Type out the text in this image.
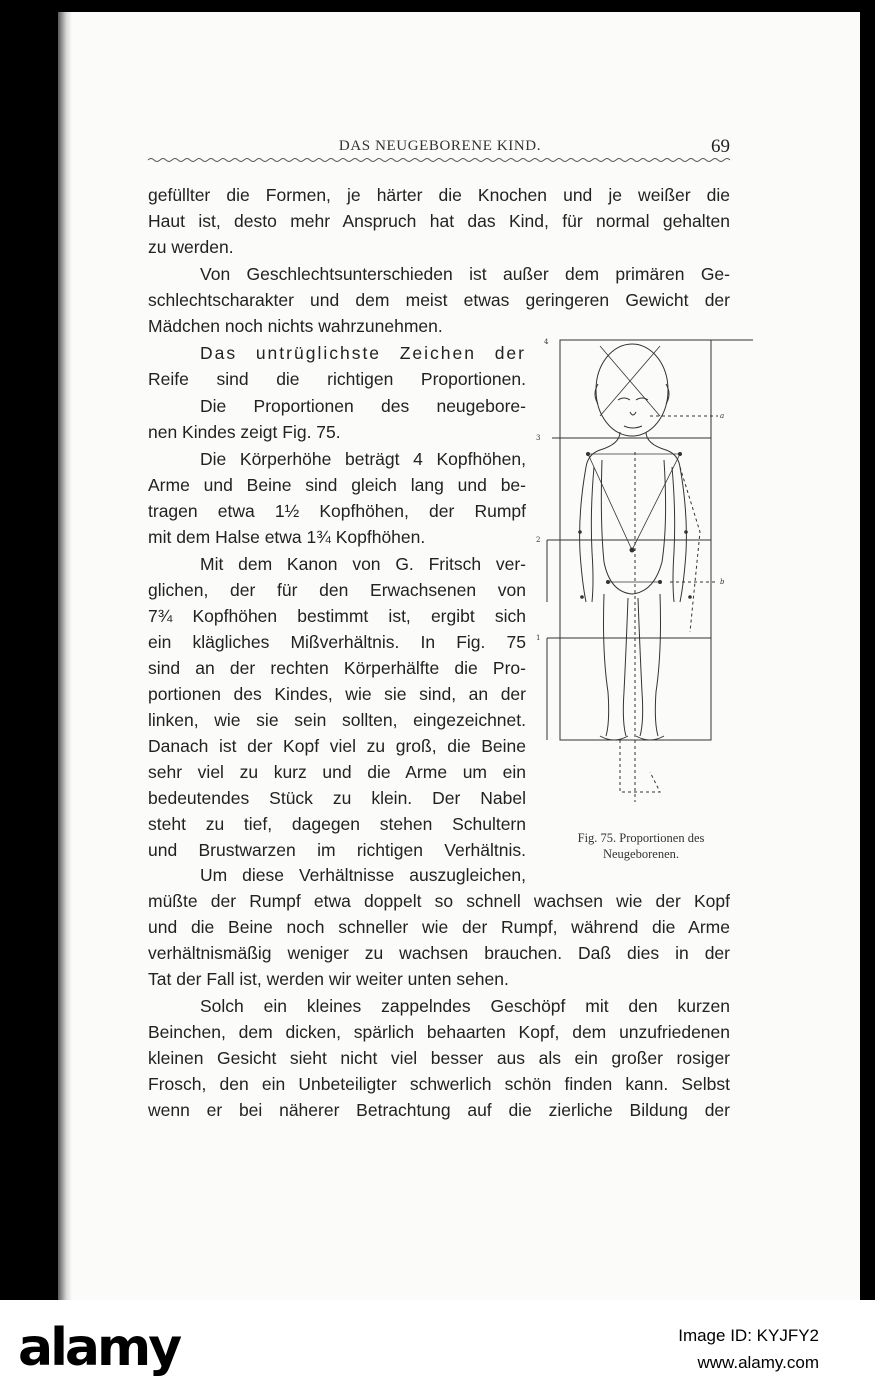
DAS NEUGEBORENE KIND.	69
gefüllter die Formen, je härter die Knochen und je weißer die
Haut ist, desto mehr Anspruch hat das Kind, für normal gehalten
zu werden.
Von Geschlechtsunterschieden ist außer dem primären Ge-
schlechtscharakter und dem meist etwas geringeren Gewicht der
Mädchen noch nichts wahrzunehmen.
Das untrüglichste Zeichen der
Reife sind die richtigen Proportionen.
Die Proportionen des neugebore-
nen Kindes zeigt Fig. 75.
Die Körperhöhe beträgt 4 Kopfhöhen,
Arme und Beine sind gleich lang und be-
tragen etwa 1½ Kopfhöhen, der Rumpf
mit dem Halse etwa 1¾ Kopfhöhen.
Mit dem Kanon von G. Fritsch ver-
glichen, der für den Erwachsenen von
7¾ Kopfhöhen bestimmt ist, ergibt sich
ein klägliches Mißverhältnis. In Fig. 75
sind an der rechten Körperhälfte die Pro-
portionen des Kindes, wie sie sind, an der
linken, wie sie sein sollten, eingezeichnet.
Danach ist der Kopf viel zu groß, die Beine
sehr viel zu kurz und die Arme um ein
bedeutendes Stück zu klein. Der Nabel
steht zu tief, dagegen stehen Schultern
und Brustwarzen im richtigen Verhältnis.
Um diese Verhältnisse auszugleichen,
müßte der Rumpf etwa doppelt so schnell wachsen wie der Kopf
und die Beine noch schneller wie der Rumpf, während die Arme
verhältnismäßig weniger zu wachsen brauchen. Daß dies in der
Tat der Fall ist, werden wir weiter unten sehen.
Solch ein kleines zappelndes Geschöpf mit den kurzen
Beinchen, dem dicken, spärlich behaarten Kopf, dem unzufriedenen
kleinen Gesicht sieht nicht viel besser aus als ein großer rosiger
Frosch, den ein Unbeteiligter schwerlich schön finden kann. Selbst
wenn er bei näherer Betrachtung auf die zierliche Bildung der
4
3
2
1
a
b
Fig. 75. Proportionen des
Neugeborenen.
alamy	Image ID: KYJFY2
www.alamy.com
